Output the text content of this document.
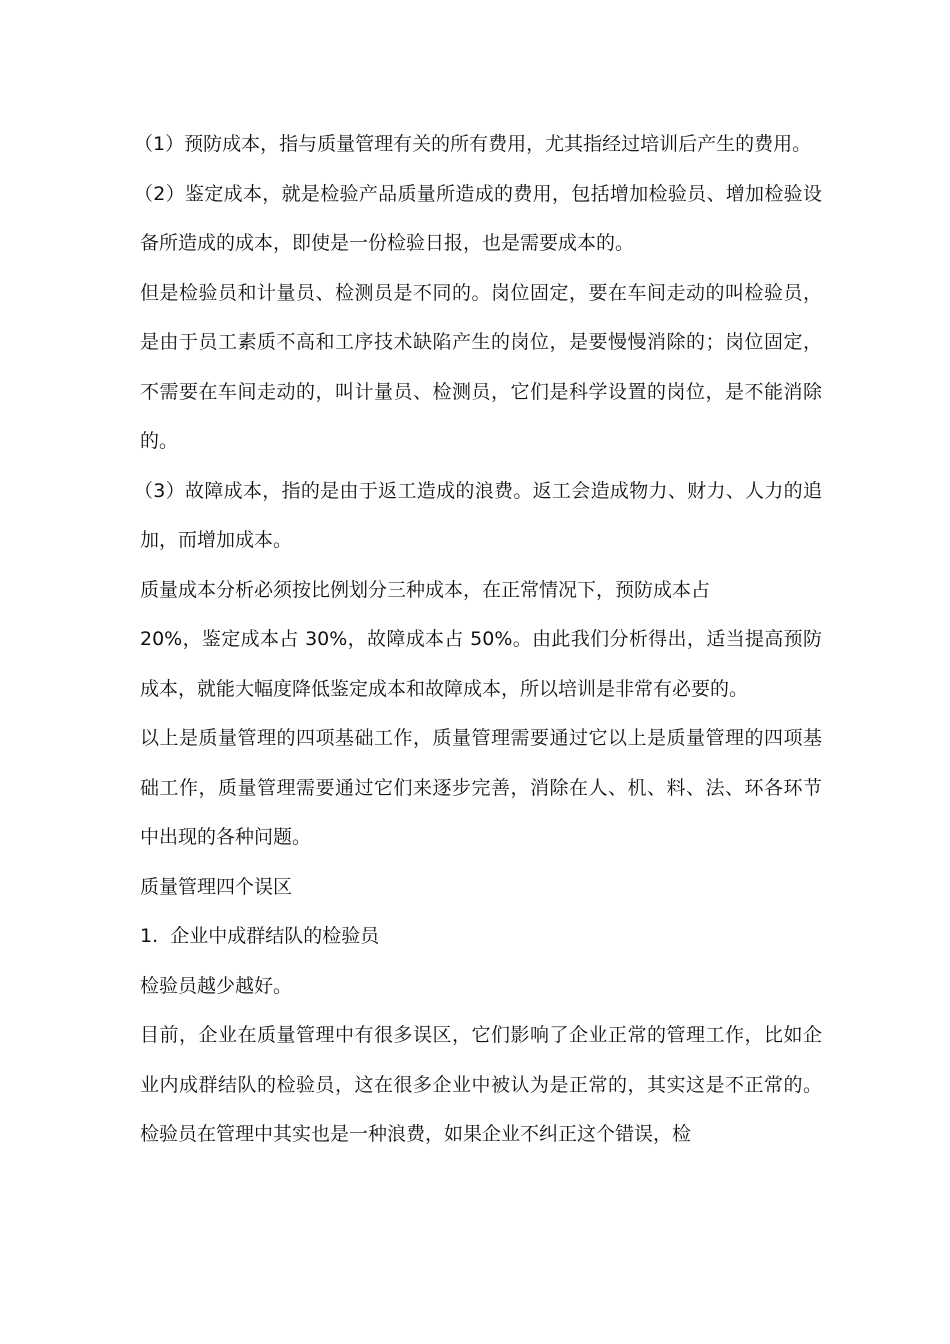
（1）预防成本，指与质量管理有关的所有费用，尤其指经过培训后产生的费用。

（2）鉴定成本，就是检验产品质量所造成的费用，包括增加检验员、增加检验设备所造成的成本，即使是一份检验日报，也是需要成本的。

但是检验员和计量员、检测员是不同的。岗位固定，要在车间走动的叫检验员，是由于员工素质不高和工序技术缺陷产生的岗位，是要慢慢消除的；岗位固定，不需要在车间走动的，叫计量员、检测员，它们是科学设置的岗位，是不能消除的。

（3）故障成本，指的是由于返工造成的浪费。返工会造成物力、财力、人力的追加，而增加成本。

质量成本分析必须按比例划分三种成本，在正常情况下，预防成本占

20%，鉴定成本占 30%，故障成本占 50%。由此我们分析得出，适当提高预防成本，就能大幅度降低鉴定成本和故障成本，所以培训是非常有必要的。

以上是质量管理的四项基础工作，质量管理需要通过它以上是质量管理的四项基础工作，质量管理需要通过它们来逐步完善，消除在人、机、料、法、环各环节中出现的各种问题。

质量管理四个误区

1.  企业中成群结队的检验员

检验员越少越好。

目前，企业在质量管理中有很多误区，它们影响了企业正常的管理工作，比如企业内成群结队的检验员，这在很多企业中被认为是正常的，其实这是不正常的。检验员在管理中其实也是一种浪费，如果企业不纠正这个错误，检
